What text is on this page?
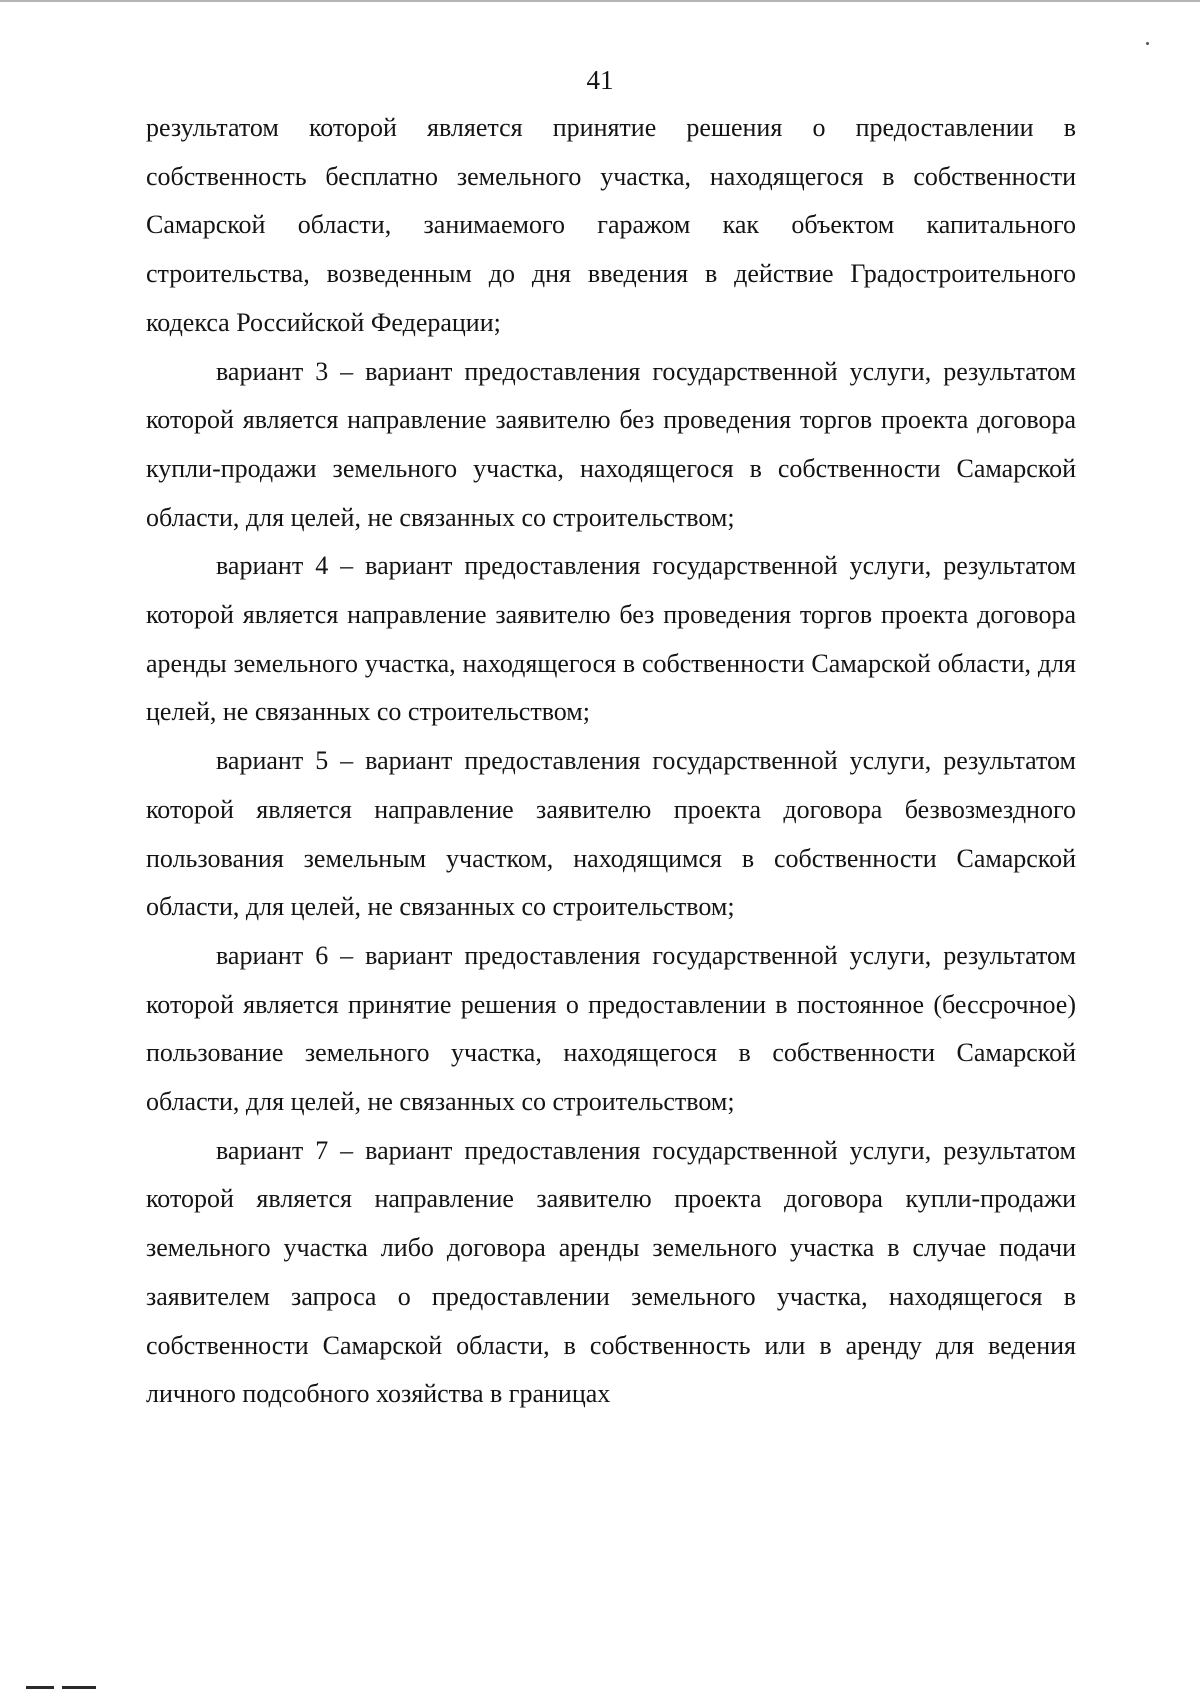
41

результатом которой является принятие решения о предоставлении в собственность бесплатно земельного участка, находящегося в собственности Самарской области, занимаемого гаражом как объектом капитального строительства, возведенным до дня введения в действие Градостроительного кодекса Российской Федерации;

вариант 3 – вариант предоставления государственной услуги, результатом которой является направление заявителю без проведения торгов проекта договора купли-продажи земельного участка, находящегося в собственности Самарской области, для целей, не связанных со строительством;

вариант 4 – вариант предоставления государственной услуги, результатом которой является направление заявителю без проведения торгов проекта договора аренды земельного участка, находящегося в собственности Самарской области, для целей, не связанных со строительством;

вариант 5 – вариант предоставления государственной услуги, результатом которой является направление заявителю проекта договора безвозмездного пользования земельным участком, находящимся в собственности Самарской области, для целей, не связанных со строительством;

вариант 6 – вариант предоставления государственной услуги, результатом которой является принятие решения о предоставлении в постоянное (бессрочное) пользование земельного участка, находящегося в собственности Самарской области, для целей, не связанных со строительством;

вариант 7 – вариант предоставления государственной услуги, результатом которой является направление заявителю проекта договора купли-продажи земельного участка либо договора аренды земельного участка в случае подачи заявителем запроса о предоставлении земельного участка, находящегося в собственности Самарской области, в собственность или в аренду для ведения личного подсобного хозяйства в границах
